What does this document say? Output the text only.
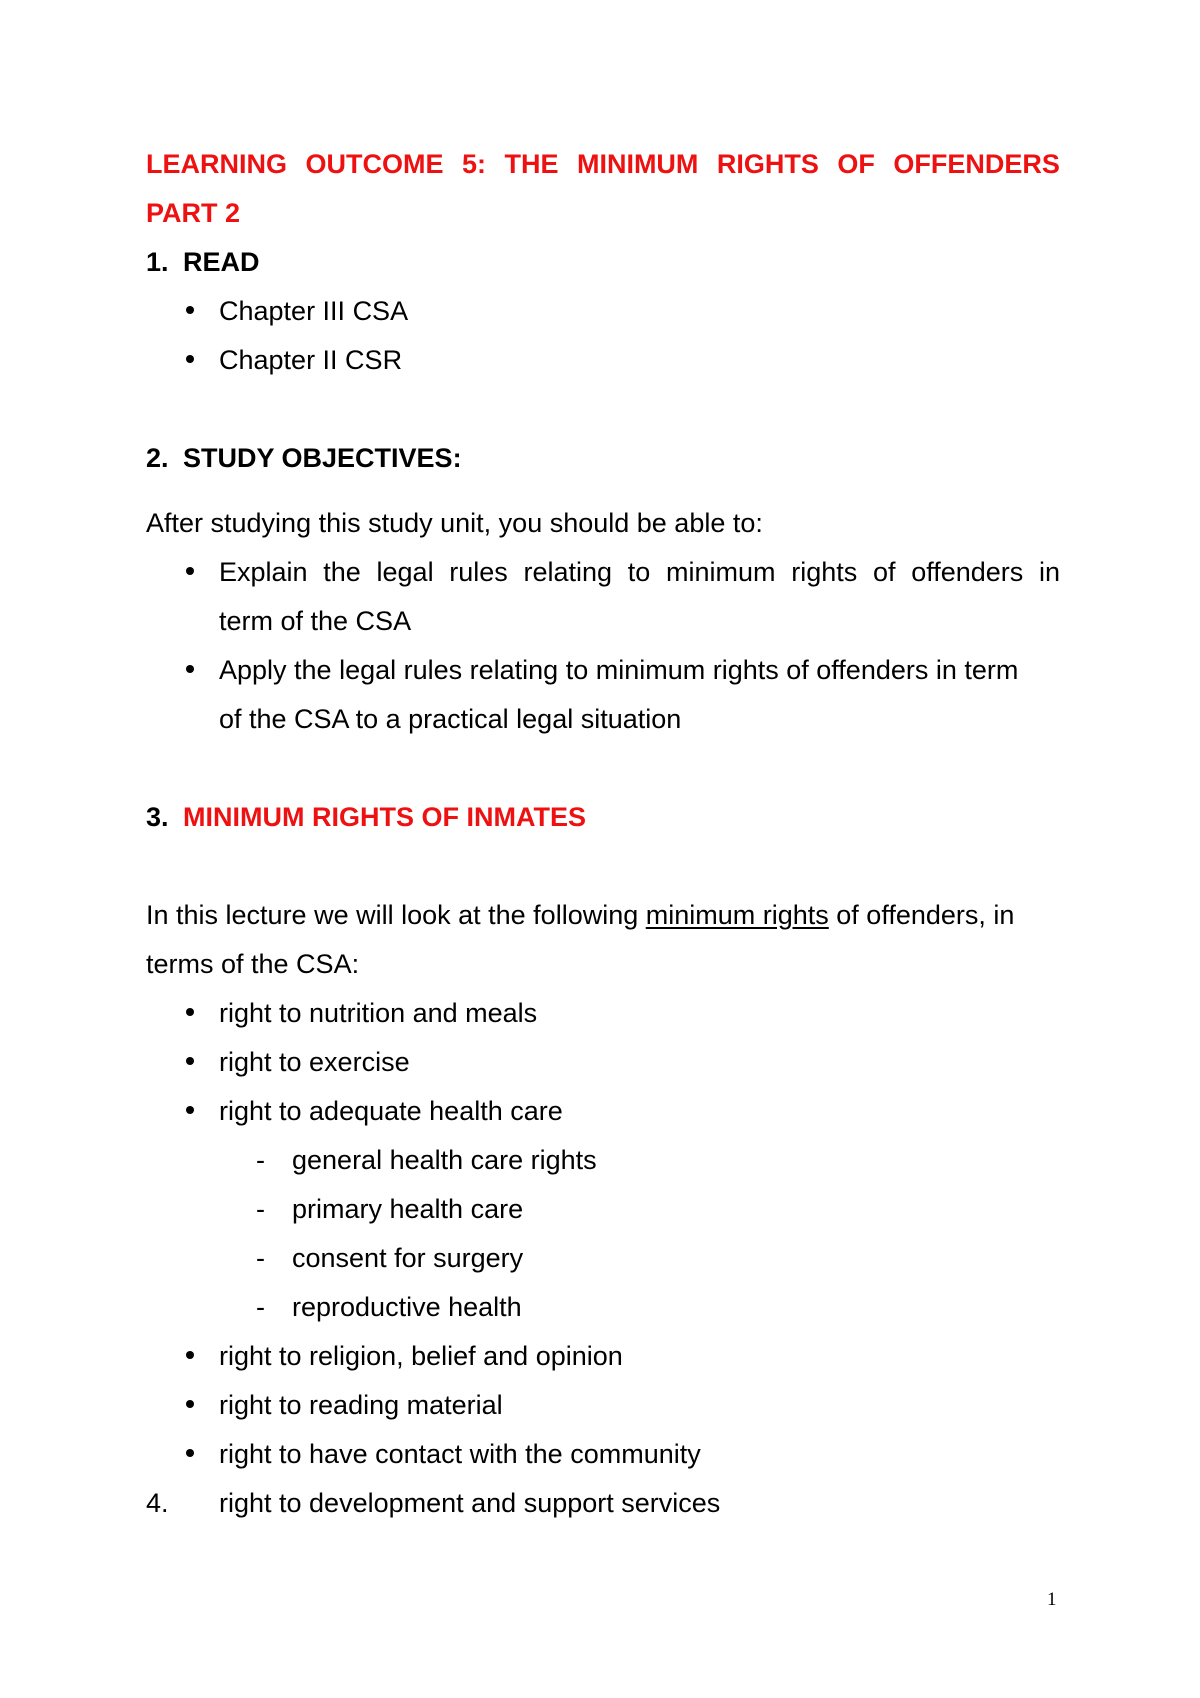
LEARNING OUTCOME 5: THE MINIMUM RIGHTS OF OFFENDERS
PART 2
1. READ
Chapter III CSA
Chapter II CSR
2. STUDY OBJECTIVES:
After studying this study unit, you should be able to:
Explain the legal rules relating to minimum rights of offenders in
term of the CSA
Apply the legal rules relating to minimum rights of offenders in term
of the CSA to a practical legal situation
3. MINIMUM RIGHTS OF INMATES
In this lecture we will look at the following minimum rights of offenders, in
terms of the CSA:
right to nutrition and meals
right to exercise
right to adequate health care
- general health care rights
- primary health care
- consent for surgery
- reproductive health
right to religion, belief and opinion
right to reading material
right to have contact with the community
4. right to development and support services
1
